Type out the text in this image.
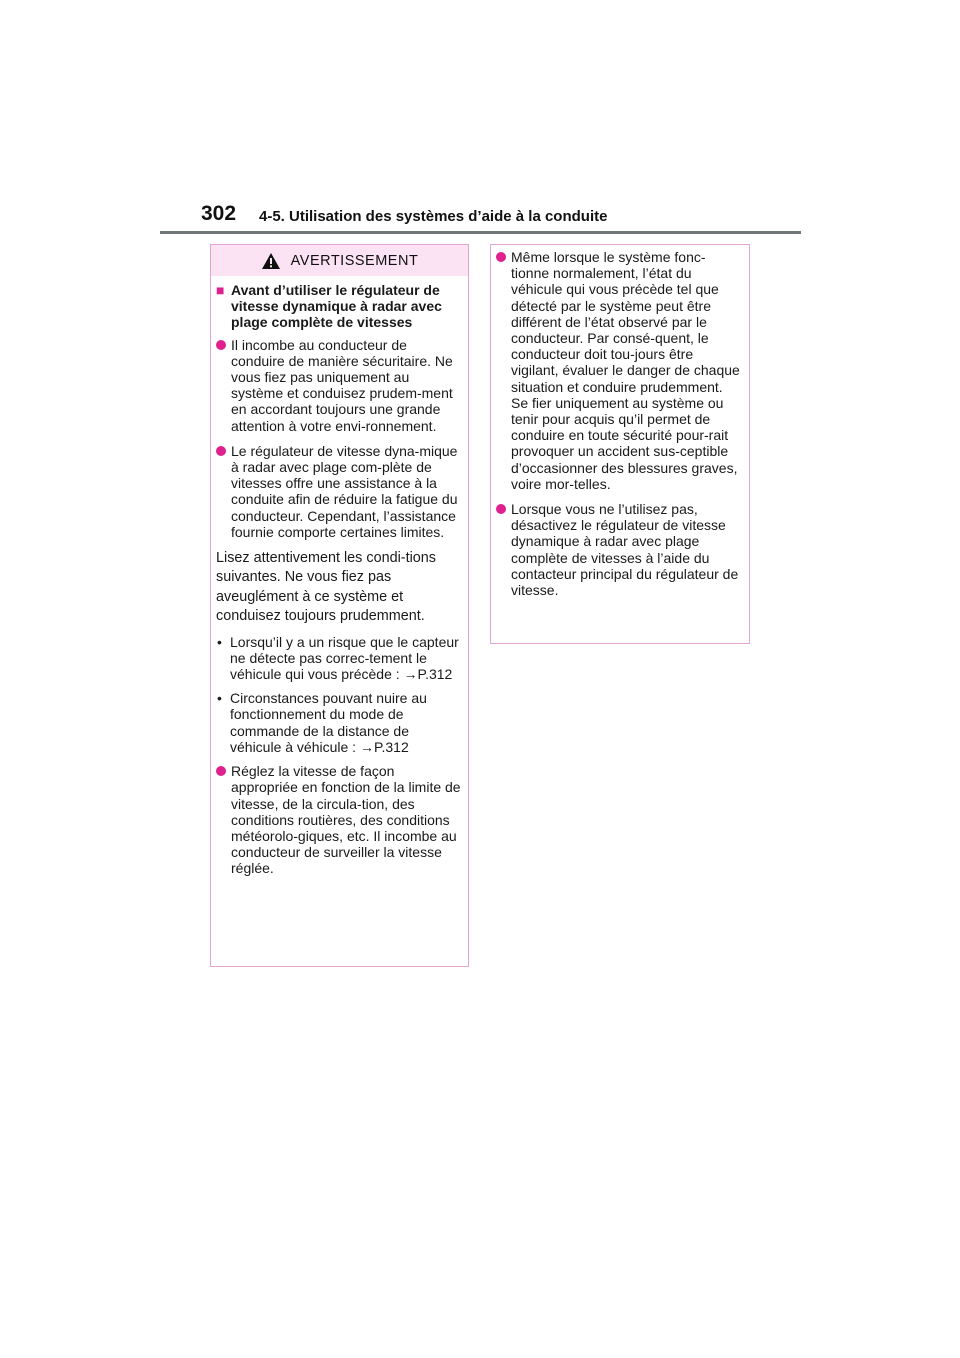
302 4-5. Utilisation des systèmes d’aide à la conduite
AVERTISSEMENT
■ Avant d’utiliser le régulateur de vitesse dynamique à radar avec plage complète de vitesses
Il incombe au conducteur de conduire de manière sécuritaire. Ne vous fiez pas uniquement au système et conduisez prudem-ment en accordant toujours une grande attention à votre envi-ronnement.
Le régulateur de vitesse dyna-mique à radar avec plage com-plète de vitesses offre une assistance à la conduite afin de réduire la fatigue du conducteur. Cependant, l’assistance fournie comporte certaines limites.

Lisez attentivement les condi-tions suivantes. Ne vous fiez pas aveuglément à ce système et conduisez toujours prudemment.

• Lorsqu’il y a un risque que le capteur ne détecte pas correc-tement le véhicule qui vous précède : →P.312
• Circonstances pouvant nuire au fonctionnement du mode de commande de la distance de véhicule à véhicule : →P.312
Réglez la vitesse de façon appropriée en fonction de la limite de vitesse, de la circula-tion, des conditions routières, des conditions météorolo-giques, etc. Il incombe au conducteur de surveiller la vitesse réglée.
Même lorsque le système fonc-tionne normalement, l’état du véhicule qui vous précède tel que détecté par le système peut être différent de l’état observé par le conducteur. Par consé-quent, le conducteur doit tou-jours être vigilant, évaluer le danger de chaque situation et conduire prudemment. Se fier uniquement au système ou tenir pour acquis qu’il permet de conduire en toute sécurité pour-rait provoquer un accident sus-ceptible d’occasionner des blessures graves, voire mor-telles.
Lorsque vous ne l’utilisez pas, désactivez le régulateur de vitesse dynamique à radar avec plage complète de vitesses à l’aide du contacteur principal du régulateur de vitesse.
